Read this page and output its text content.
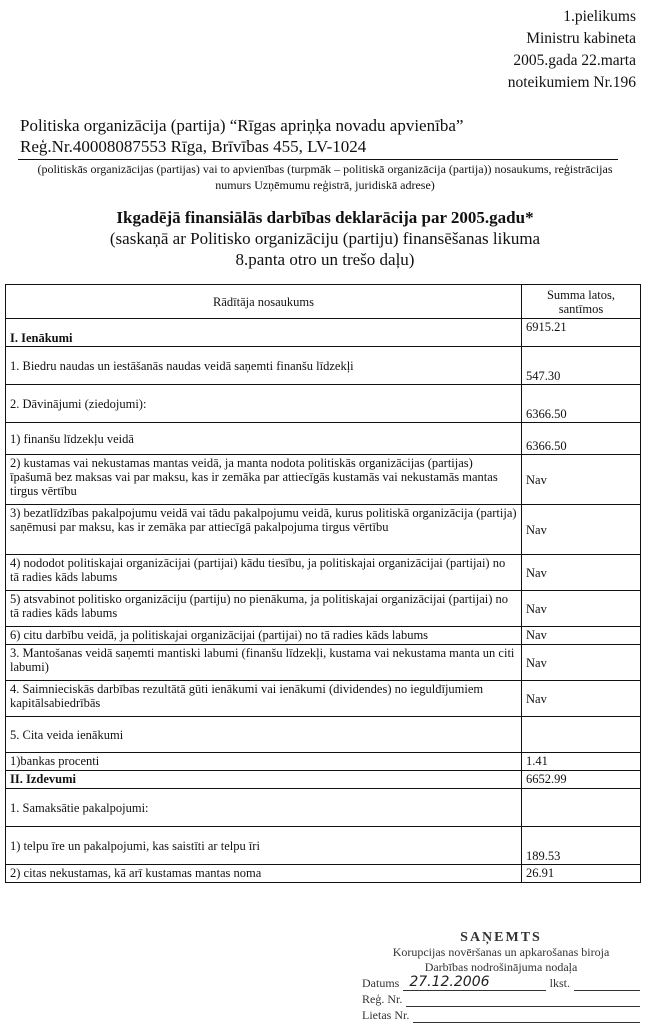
1.pielikums
Ministru kabineta
2005.gada 22.marta
noteikumiem Nr.196
Politiska organizācija (partija) “Rīgas apriņķa novadu apvienība”
Reģ.Nr.40008087553 Rīga, Brīvības 455, LV-1024
(politiskās organizācijas (partijas) vai to apvienības (turpmāk – politiskā organizācija (partija)) nosaukums, reģistrācijas numurs Uzņēmumu reģistrā, juridiskā adrese)
Ikgadējā finansiālās darbības deklarācija par 2005.gadu*
(saskaņā ar Politisko organizāciju (partiju) finansēšanas likuma
8.panta otro un trešo daļu)
Rādītāja nosaukums	Summa latos, santīmos
I. Ienākumi	6915.21
1. Biedru naudas un iestāšanās naudas veidā saņemti finanšu līdzekļi	547.30
2. Dāvinājumi (ziedojumi):	6366.50
1) finanšu līdzekļu veidā	6366.50
2) kustamas vai nekustamas mantas veidā, ja manta nodota politiskās organizācijas (partijas) īpašumā bez maksas vai par maksu, kas ir zemāka par attiecīgās kustamās vai nekustamās mantas tirgus vērtību	Nav
3) bezatlīdzības pakalpojumu veidā vai tādu pakalpojumu veidā, kurus politiskā organizācija (partija) saņēmusi par maksu, kas ir zemāka par attiecīgā pakalpojuma tirgus vērtību	Nav
4) nododot politiskajai organizācijai (partijai) kādu tiesību, ja politiskajai organizācijai (partijai) no tā radies kāds labums	Nav
5) atsvabinot politisko organizāciju (partiju) no pienākuma, ja politiskajai organizācijai (partijai) no tā radies kāds labums	Nav
6) citu darbību veidā, ja politiskajai organizācijai (partijai) no tā radies kāds labums	Nav
3. Mantošanas veidā saņemti mantiski labumi (finanšu līdzekļi, kustama vai nekustama manta un citi labumi)	Nav
4. Saimnieciskās darbības rezultātā gūti ienākumi vai ienākumi (dividendes) no ieguldījumiem kapitālsabiedrībās	Nav
5. Cita veida ienākumi	
1)bankas procenti	1.41
II. Izdevumi	6652.99
1. Samaksātie pakalpojumi:	
1) telpu īre un pakalpojumi, kas saistīti ar telpu īri	189.53
2) citas nekustamas, kā arī kustamas mantas noma	26.91
SAŅEMTS
Korupcijas novēršanas un apkarošanas biroja
Darbības nodrošinājuma nodaļa
Datums 27.12.2006	lkst.
Reģ. Nr.
Lietas Nr.
